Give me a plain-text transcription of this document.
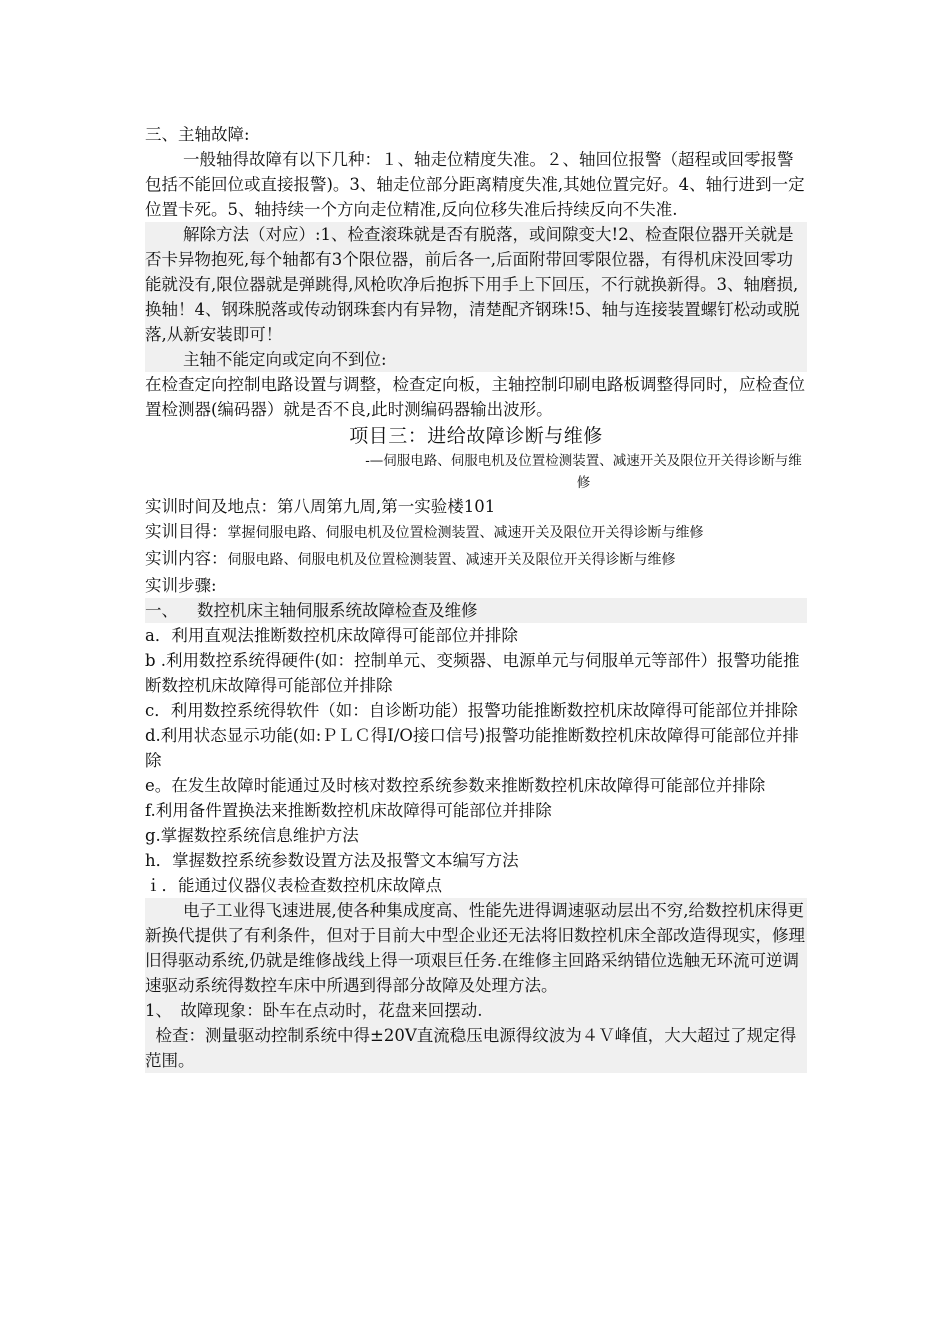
三、主轴故障:

一般轴得故障有以下几种：１、轴走位精度失准。２、轴回位报警（超程或回零报警包括不能回位或直接报警)。3、轴走位部分距离精度失准,其她位置完好。4、轴行进到一定位置卡死。5、轴持续一个方向走位精准,反向位移失准后持续反向不失准.

解除方法（对应）:1、检查滚珠就是否有脱落，或间隙变大!2、检查限位器开关就是否卡异物抱死,每个轴都有3个限位器，前后各一,后面附带回零限位器，有得机床没回零功能就没有,限位器就是弹跳得,风枪吹净后抱拆下用手上下回压，不行就换新得。3、轴磨损,换轴！4、钢珠脱落或传动钢珠套内有异物，清楚配齐钢珠!5、轴与连接装置螺钉松动或脱落,从新安装即可！

主轴不能定向或定向不到位:

在检查定向控制电路设置与调整，检查定向板，主轴控制印刷电路板调整得同时，应检查位置检测器(编码器）就是否不良,此时测编码器输出波形。

项目三：进给故障诊断与维修

-—伺服电路、伺服电机及位置检测装置、减速开关及限位开关得诊断与维修

实训时间及地点：第八周第九周,第一实验楼101

实训目得：掌握伺服电路、伺服电机及位置检测装置、减速开关及限位开关得诊断与维修

实训内容：伺服电路、伺服电机及位置检测装置、减速开关及限位开关得诊断与维修

实训步骤:

一、 数控机床主轴伺服系统故障检查及维修

a．利用直观法推断数控机床故障得可能部位并排除

b .利用数控系统得硬件(如：控制单元、变频器、电源单元与伺服单元等部件）报警功能推断数控机床故障得可能部位并排除

c．利用数控系统得软件（如：自诊断功能）报警功能推断数控机床故障得可能部位并排除

d.利用状态显示功能(如:ＰＬＣ得I/O接口信号)报警功能推断数控机床故障得可能部位并排除

e。在发生故障时能通过及时核对数控系统参数来推断数控机床故障得可能部位并排除

f.利用备件置换法来推断数控机床故障得可能部位并排除

g.掌握数控系统信息维护方法

h．掌握数控系统参数设置方法及报警文本编写方法

ｉ．能通过仪器仪表检查数控机床故障点

电子工业得飞速进展,使各种集成度高、性能先进得调速驱动层出不穷,给数控机床得更新换代提供了有利条件，但对于目前大中型企业还无法将旧数控机床全部改造得现实，修理旧得驱动系统,仍就是维修战线上得一项艰巨任务.在维修主回路采纳错位选触无环流可逆调速驱动系统得数控车床中所遇到得部分故障及处理方法。

1、　故障现象：卧车在点动时，花盘来回摆动.

检查：测量驱动控制系统中得±20V直流稳压电源得纹波为４Ｖ峰值，大大超过了规定得范围。
